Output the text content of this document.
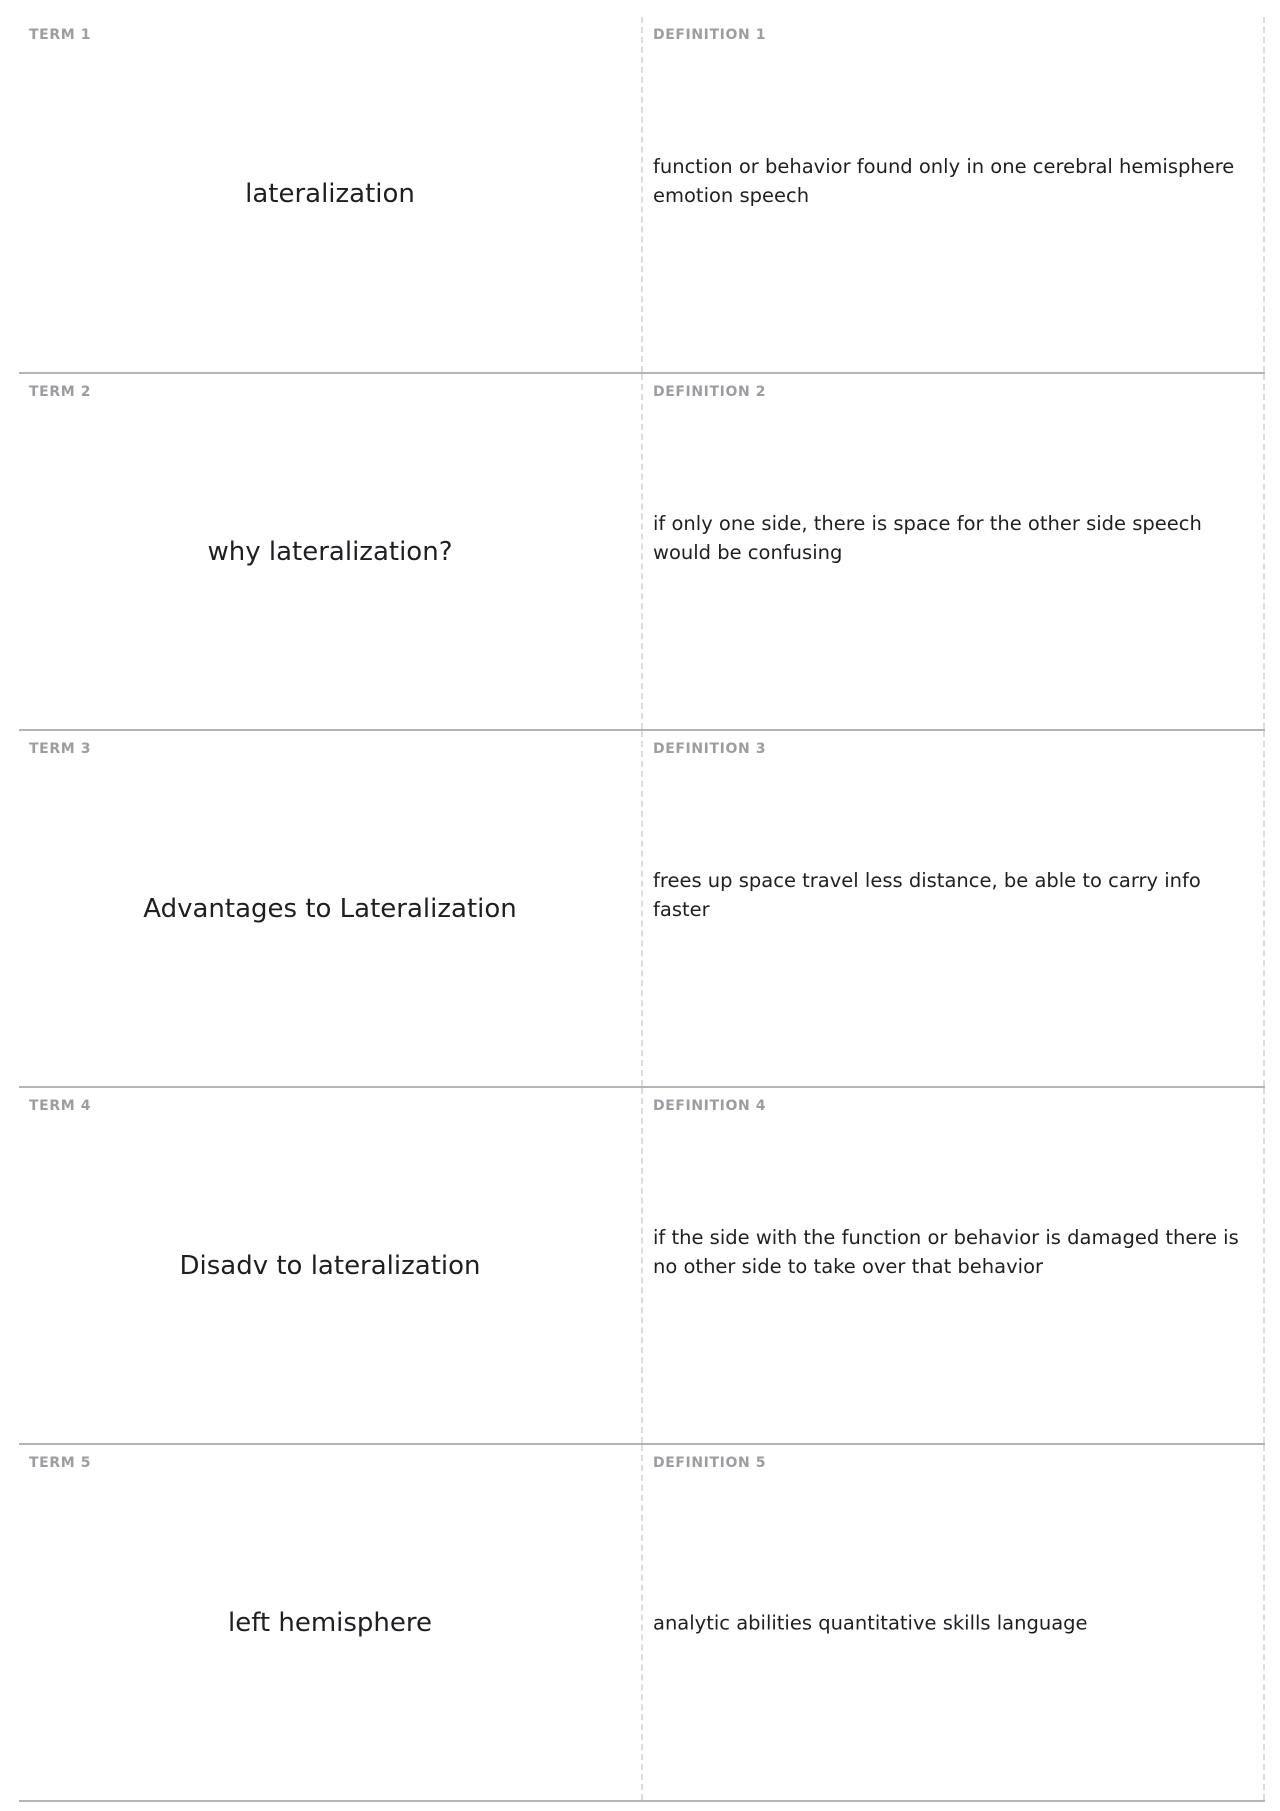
TERM 1
lateralization
DEFINITION 1
function or behavior found only in one cerebral hemisphere emotion speech
TERM 2
why lateralization?
DEFINITION 2
if only one side, there is space for the other side speech would be confusing
TERM 3
Advantages to Lateralization
DEFINITION 3
frees up space travel less distance, be able to carry info faster
TERM 4
Disadv to lateralization
DEFINITION 4
if the side with the function or behavior is damaged there is no other side to take over that behavior
TERM 5
left hemisphere
DEFINITION 5
analytic abilities quantitative skills language
